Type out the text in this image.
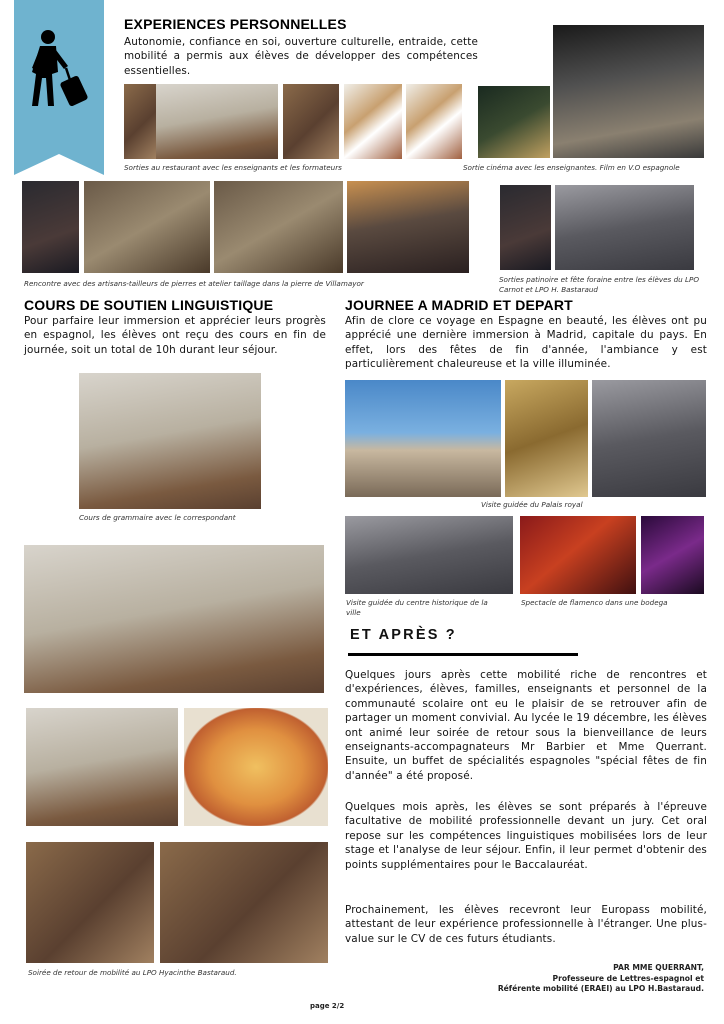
EXPERIENCES PERSONNELLES
Autonomie, confiance en soi, ouverture culturelle, entraide, cette mobilité a permis aux élèves de développer des compétences essentielles.
Sorties au restaurant avec les enseignants et les formateurs	Sortie cinéma avec les enseignantes. Film en V.O espagnole
Rencontre avec des artisans-tailleurs de pierres et atelier taillage dans la pierre de Villamayor	Sorties patinoire et fête foraine entre les élèves du LPO Carnot et LPO H. Bastaraud
COURS DE SOUTIEN LINGUISTIQUE
Pour parfaire leur immersion et apprécier leurs progrès en espagnol, les élèves ont reçu des cours en fin de journée, soit un total de 10h durant leur séjour.
Cours de grammaire avec le correspondant
JOURNEE A MADRID ET DEPART
Afin de clore ce voyage en Espagne en beauté, les élèves ont pu apprécié une dernière immersion à Madrid, capitale du pays. En effet, lors des fêtes de fin d'année, l'ambiance y est particulièrement chaleureuse et la ville illuminée.
Visite guidée du Palais royal
Visite guidée du centre historique de la ville
Spectacle de flamenco dans une bodega
Soirée de retour de mobilité au LPO Hyacinthe Bastaraud.
ET APRÈS ?
Quelques jours après cette mobilité riche de rencontres et d'expériences, élèves, familles, enseignants et personnel de la communauté scolaire ont eu le plaisir de se retrouver afin de partager un moment convivial. Au lycée le 19 décembre, les élèves ont animé leur soirée de retour sous la bienveillance de leurs enseignants-accompagnateurs Mr Barbier et Mme Querrant. Ensuite, un buffet de spécialités espagnoles "spécial fêtes de fin d'année" a été proposé.
Quelques mois après, les élèves se sont préparés à l'épreuve facultative de mobilité professionnelle devant un jury. Cet oral repose sur les compétences linguistiques mobilisées lors de leur stage et l'analyse de leur séjour. Enfin, il leur permet d'obtenir des points supplémentaires pour le Baccalauréat.
Prochainement, les élèves recevront leur Europass mobilité, attestant de leur expérience professionnelle à l'étranger. Une plus-value sur le CV de ces futurs étudiants.
PAR MME QUERRANT,
Professeure de Lettres-espagnol et
Référente mobilité (ERAEI) au LPO H.Bastaraud.
page 2/2
